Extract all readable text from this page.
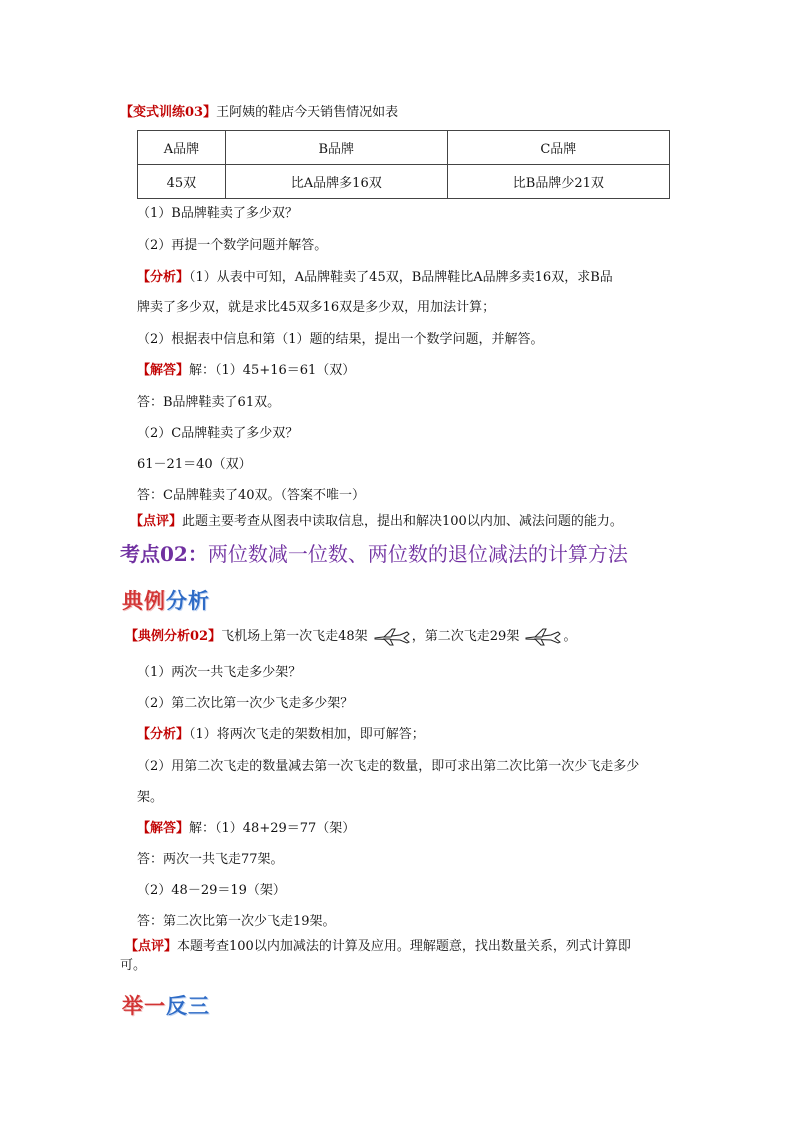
【变式训练03】王阿姨的鞋店今天销售情况如表
A品牌	B品牌	C品牌
45双	比A品牌多16双	比B品牌少21双
（1）B品牌鞋卖了多少双？
（2）再提一个数学问题并解答。
【分析】（1）从表中可知，A品牌鞋卖了45双，B品牌鞋比A品牌多卖16双，求B品
牌卖了多少双，就是求比45双多16双是多少双，用加法计算；
（2）根据表中信息和第（1）题的结果，提出一个数学问题，并解答。
【解答】解：（1）45+16＝61（双）
答：B品牌鞋卖了61双。
（2）C品牌鞋卖了多少双？
61－21＝40（双）
答：C品牌鞋卖了40双。（答案不唯一）
【点评】此题主要考查从图表中读取信息，提出和解决100以内加、减法问题的能力。
考点02：两位数减一位数、两位数的退位减法的计算方法
典例分析
【典例分析02】飞机场上第一次飞走48架	，第二次飞走29架	。
（1）两次一共飞走多少架？
（2）第二次比第一次少飞走多少架？
【分析】（1）将两次飞走的架数相加，即可解答；
（2）用第二次飞走的数量减去第一次飞走的数量，即可求出第二次比第一次少飞走多少
架。
【解答】解：（1）48+29＝77（架）
答：两次一共飞走77架。
（2）48－29＝19（架）
答：第二次比第一次少飞走19架。
【点评】本题考查100以内加减法的计算及应用。理解题意，找出数量关系，列式计算即
可。
举一反三
